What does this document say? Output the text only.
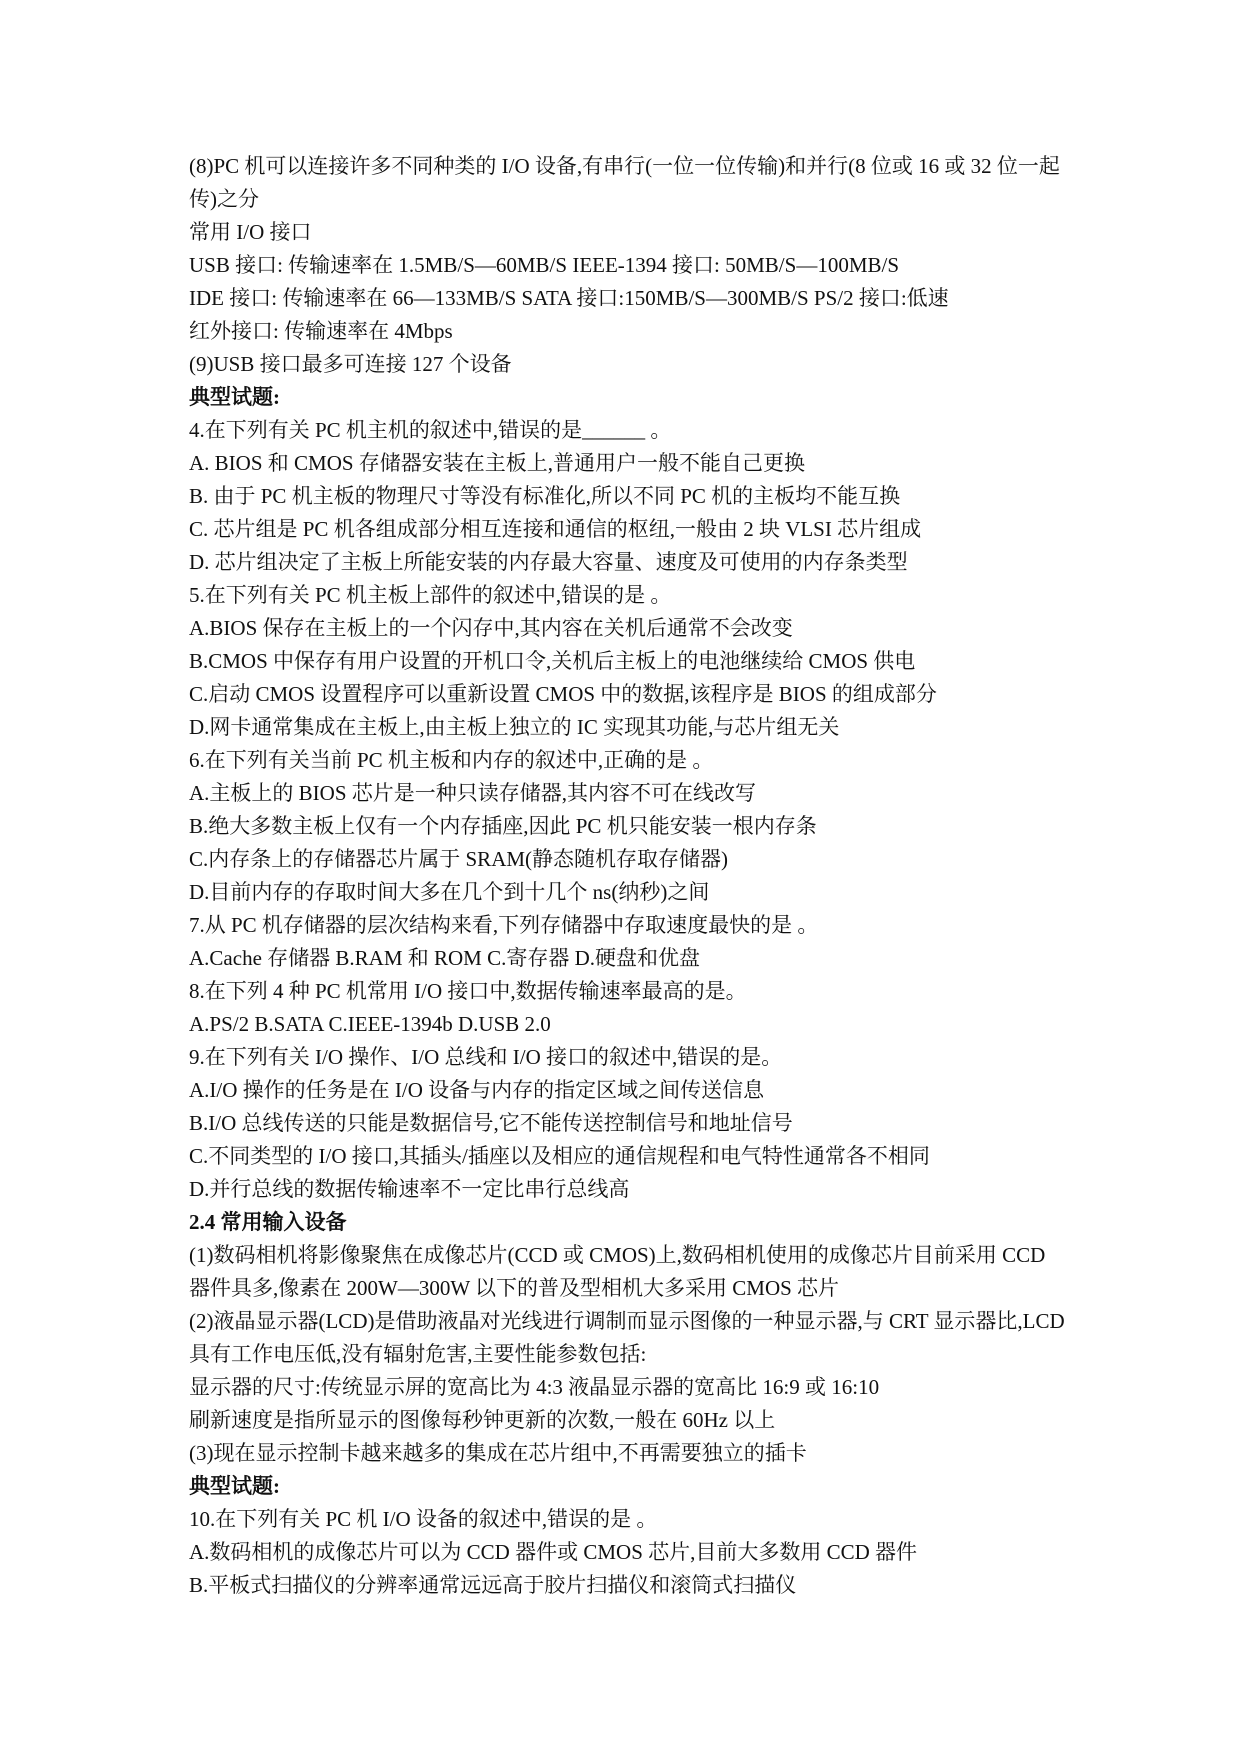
(8)PC 机可以连接许多不同种类的 I/O 设备,有串行(一位一位传输)和并行(8 位或 16 或 32 位一起传)之分

常用 I/O 接口

USB 接口: 传输速率在 1.5MB/S—60MB/S IEEE-1394 接口: 50MB/S—100MB/S

IDE 接口: 传输速率在 66—133MB/S SATA 接口:150MB/S—300MB/S PS/2 接口:低速

红外接口: 传输速率在 4Mbps

(9)USB 接口最多可连接 127 个设备

典型试题:

4.在下列有关 PC 机主机的叙述中,错误的是______ 。

A. BIOS 和 CMOS 存储器安装在主板上,普通用户一般不能自己更换

B. 由于 PC 机主板的物理尺寸等没有标准化,所以不同 PC 机的主板均不能互换

C. 芯片组是 PC 机各组成部分相互连接和通信的枢纽,一般由 2 块 VLSI 芯片组成

D. 芯片组决定了主板上所能安装的内存最大容量、速度及可使用的内存条类型

5.在下列有关 PC 机主板上部件的叙述中,错误的是 。

A.BIOS 保存在主板上的一个闪存中,其内容在关机后通常不会改变

B.CMOS 中保存有用户设置的开机口令,关机后主板上的电池继续给 CMOS 供电

C.启动 CMOS 设置程序可以重新设置 CMOS 中的数据,该程序是 BIOS 的组成部分

D.网卡通常集成在主板上,由主板上独立的 IC 实现其功能,与芯片组无关

6.在下列有关当前 PC 机主板和内存的叙述中,正确的是 。

A.主板上的 BIOS 芯片是一种只读存储器,其内容不可在线改写

B.绝大多数主板上仅有一个内存插座,因此 PC 机只能安装一根内存条

C.内存条上的存储器芯片属于 SRAM(静态随机存取存储器)

D.目前内存的存取时间大多在几个到十几个 ns(纳秒)之间

7.从 PC 机存储器的层次结构来看,下列存储器中存取速度最快的是 。

A.Cache 存储器 B.RAM 和 ROM C.寄存器 D.硬盘和优盘

8.在下列 4 种 PC 机常用 I/O 接口中,数据传输速率最高的是。

A.PS/2 B.SATA C.IEEE-1394b D.USB 2.0

9.在下列有关 I/O 操作、I/O 总线和 I/O 接口的叙述中,错误的是。

A.I/O 操作的任务是在 I/O 设备与内存的指定区域之间传送信息

B.I/O 总线传送的只能是数据信号,它不能传送控制信号和地址信号

C.不同类型的 I/O 接口,其插头/插座以及相应的通信规程和电气特性通常各不相同

D.并行总线的数据传输速率不一定比串行总线高

2.4 常用输入设备

(1)数码相机将影像聚焦在成像芯片(CCD 或 CMOS)上,数码相机使用的成像芯片目前采用 CCD 器件具多,像素在 200W—300W 以下的普及型相机大多采用 CMOS 芯片

(2)液晶显示器(LCD)是借助液晶对光线进行调制而显示图像的一种显示器,与 CRT 显示器比,LCD 具有工作电压低,没有辐射危害,主要性能参数包括:

显示器的尺寸:传统显示屏的宽高比为 4:3 液晶显示器的宽高比 16:9 或 16:10

刷新速度是指所显示的图像每秒钟更新的次数,一般在 60Hz 以上

(3)现在显示控制卡越来越多的集成在芯片组中,不再需要独立的插卡

典型试题:

10.在下列有关 PC 机 I/O 设备的叙述中,错误的是 。

A.数码相机的成像芯片可以为 CCD 器件或 CMOS 芯片,目前大多数用 CCD 器件

B.平板式扫描仪的分辨率通常远远高于胶片扫描仪和滚筒式扫描仪
